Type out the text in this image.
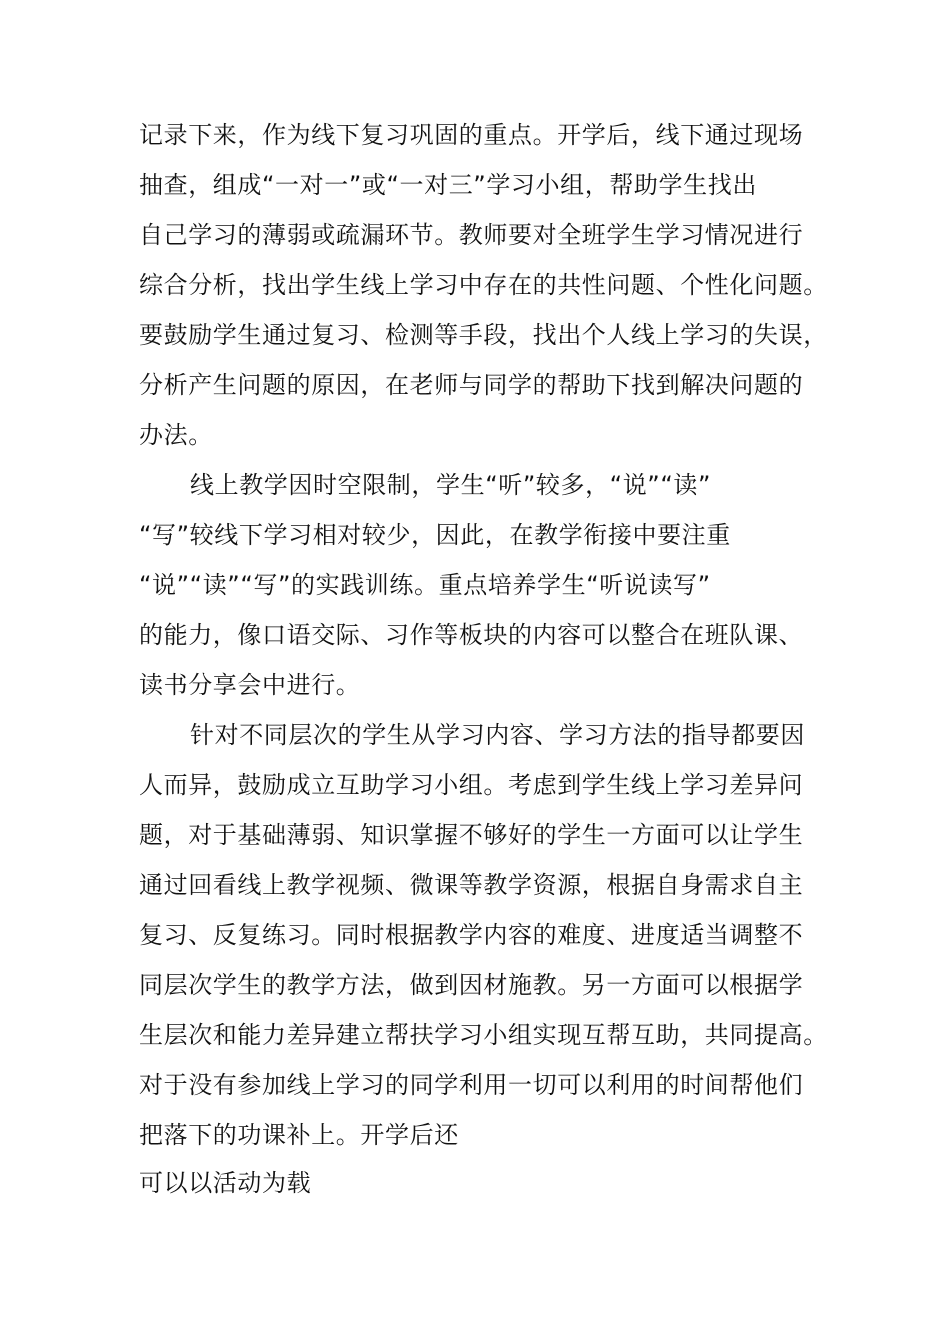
记录下来，作为线下复习巩固的重点。开学后，线下通过现场
抽查，组成“一对一”或“一对三”学习小组，帮助学生找出
自己学习的薄弱或疏漏环节。教师要对全班学生学习情况进行
综合分析，找出学生线上学习中存在的共性问题、个性化问题。
要鼓励学生通过复习、检测等手段，找出个人线上学习的失误，
分析产生问题的原因，在老师与同学的帮助下找到解决问题的
办法。
线上教学因时空限制，学生“听”较多，“说”“读”
“写”较线下学习相对较少，因此，在教学衔接中要注重
“说”“读”“写”的实践训练。重点培养学生“听说读写”
的能力，像口语交际、习作等板块的内容可以整合在班队课、
读书分享会中进行。
针对不同层次的学生从学习内容、学习方法的指导都要因
人而异，鼓励成立互助学习小组。考虑到学生线上学习差异问
题，对于基础薄弱、知识掌握不够好的学生一方面可以让学生
通过回看线上教学视频、微课等教学资源，根据自身需求自主
复习、反复练习。同时根据教学内容的难度、进度适当调整不
同层次学生的教学方法，做到因材施教。另一方面可以根据学
生层次和能力差异建立帮扶学习小组实现互帮互助，共同提高。
对于没有参加线上学习的同学利用一切可以利用的时间帮他们
把落下的功课补上。开学后还
可以以活动为载
